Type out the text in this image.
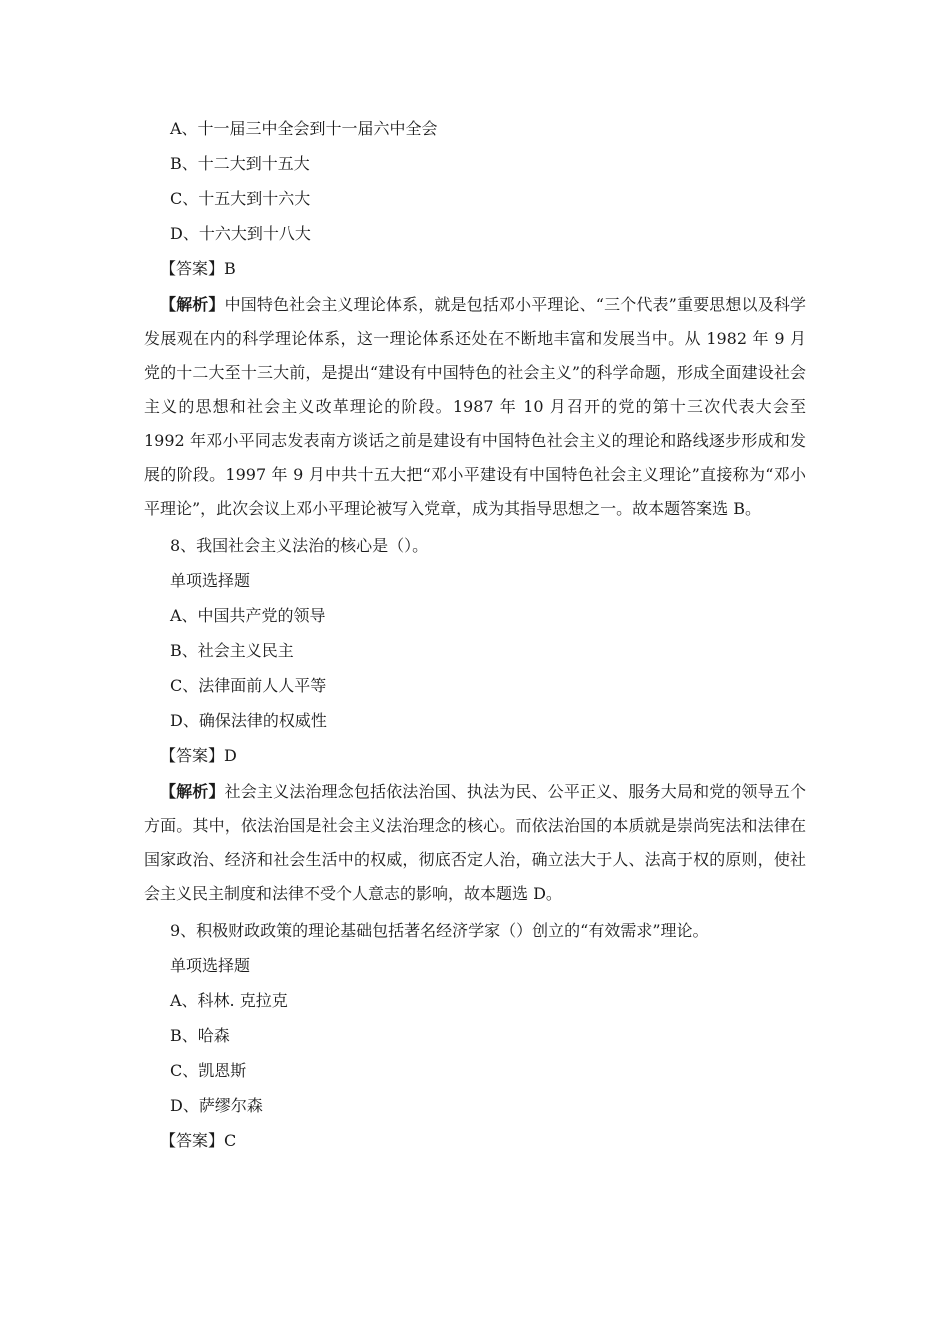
A、十一届三中全会到十一届六中全会
B、十二大到十五大
C、十五大到十六大
D、十六大到十八大
【答案】B
【解析】中国特色社会主义理论体系，就是包括邓小平理论、“三个代表”重要思想以及科学发展观在内的科学理论体系，这一理论体系还处在不断地丰富和发展当中。从 1982 年 9 月党的十二大至十三大前，是提出“建设有中国特色的社会主义”的科学命题，形成全面建设社会主义的思想和社会主义改革理论的阶段。1987 年 10 月召开的党的第十三次代表大会至 1992 年邓小平同志发表南方谈话之前是建设有中国特色社会主义的理论和路线逐步形成和发展的阶段。1997 年 9 月中共十五大把“邓小平建设有中国特色社会主义理论”直接称为“邓小平理论”，此次会议上邓小平理论被写入党章，成为其指导思想之一。故本题答案选 B。
8、我国社会主义法治的核心是（）。
单项选择题
A、中国共产党的领导
B、社会主义民主
C、法律面前人人平等
D、确保法律的权威性
【答案】D
【解析】社会主义法治理念包括依法治国、执法为民、公平正义、服务大局和党的领导五个方面。其中，依法治国是社会主义法治理念的核心。而依法治国的本质就是崇尚宪法和法律在国家政治、经济和社会生活中的权威，彻底否定人治，确立法大于人、法高于权的原则，使社会主义民主制度和法律不受个人意志的影响，故本题选 D。
9、积极财政政策的理论基础包括著名经济学家（）创立的“有效需求”理论。
单项选择题
A、科林. 克拉克
B、哈森
C、凯恩斯
D、萨缪尔森
【答案】C
